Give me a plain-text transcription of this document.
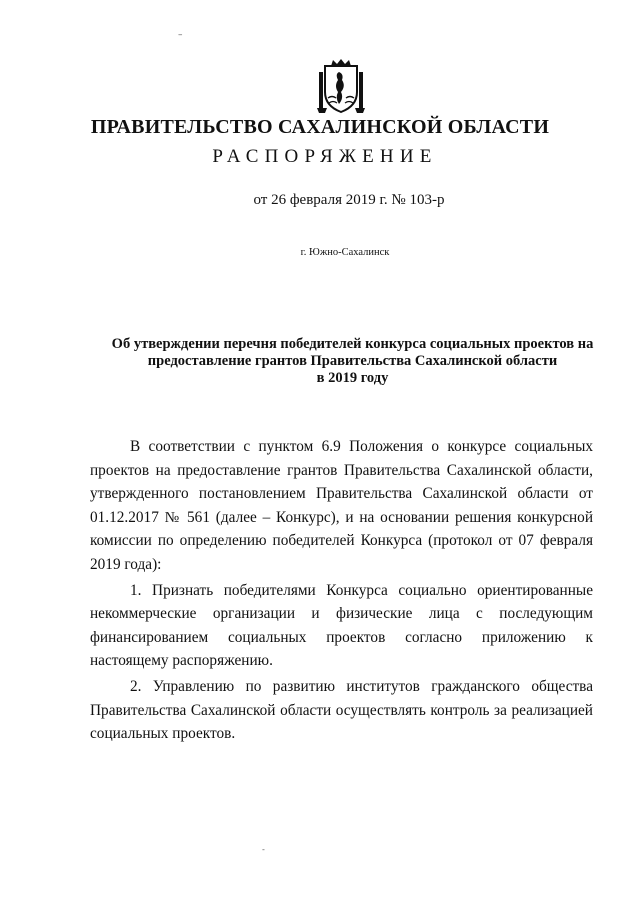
–
ПРАВИТЕЛЬСТВО САХАЛИНСКОЙ ОБЛАСТИ
РАСПОРЯЖЕНИЕ
от 26 февраля 2019 г. № 103-р
г. Южно-Сахалинск
Об утверждении перечня победителей конкурса социальных проектов на
предоставление грантов Правительства Сахалинской области
в 2019 году

В соответствии с пунктом 6.9 Положения о конкурсе социальных проектов на предоставление грантов Правительства Сахалинской области, утвержденного постановлением Правительства Сахалинской области от 01.12.2017 № 561 (далее – Конкурс), и на основании решения конкурсной комиссии по определению победителей Конкурса (протокол от 07 февраля 2019 года):

1. Признать победителями Конкурса социально ориентированные некоммерческие организации и физические лица с последующим финансированием социальных проектов согласно приложению к настоящему распоряжению.

2. Управлению по развитию институтов гражданского общества Правительства Сахалинской области осуществлять контроль за реализацией социальных проектов.

-
